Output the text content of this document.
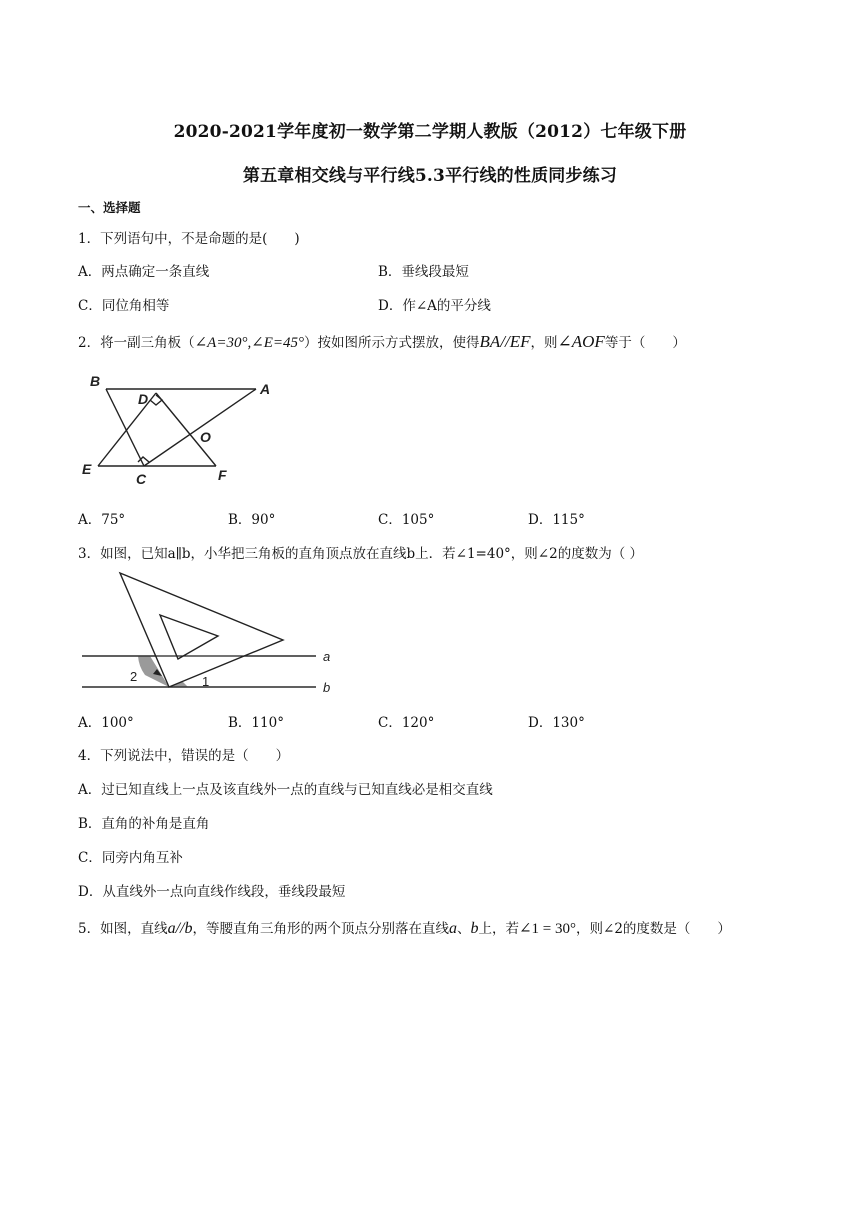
2020-2021学年度初一数学第二学期人教版（2012）七年级下册
第五章相交线与平行线5.3平行线的性质同步练习
一、选择题
1．下列语句中，不是命题的是(　　)
A．两点确定一条直线	B．垂线段最短
C．同位角相等	D．作∠A的平分线
2．将一副三角板（∠A=30°,∠E=45°）按如图所示方式摆放，使得BA//EF，则∠AOF等于（　　）
B
D
A
O
E
C	F
A．75°	B．90°	C．105°	D．115°
3．如图，已知a∥b，小华把三角板的直角顶点放在直线b上．若∠1=40°，则∠2的度数为（ ）
a
b
1
2
A．100°	B．110°	C．120°	D．130°
4．下列说法中，错误的是（　　）
A．过已知直线上一点及该直线外一点的直线与已知直线必是相交直线
B．直角的补角是直角
C．同旁内角互补
D．从直线外一点向直线作线段，垂线段最短
5．如图，直线a//b，等腰直角三角形的两个顶点分别落在直线a、b上，若∠1 = 30°，则∠2的度数是（　　）
